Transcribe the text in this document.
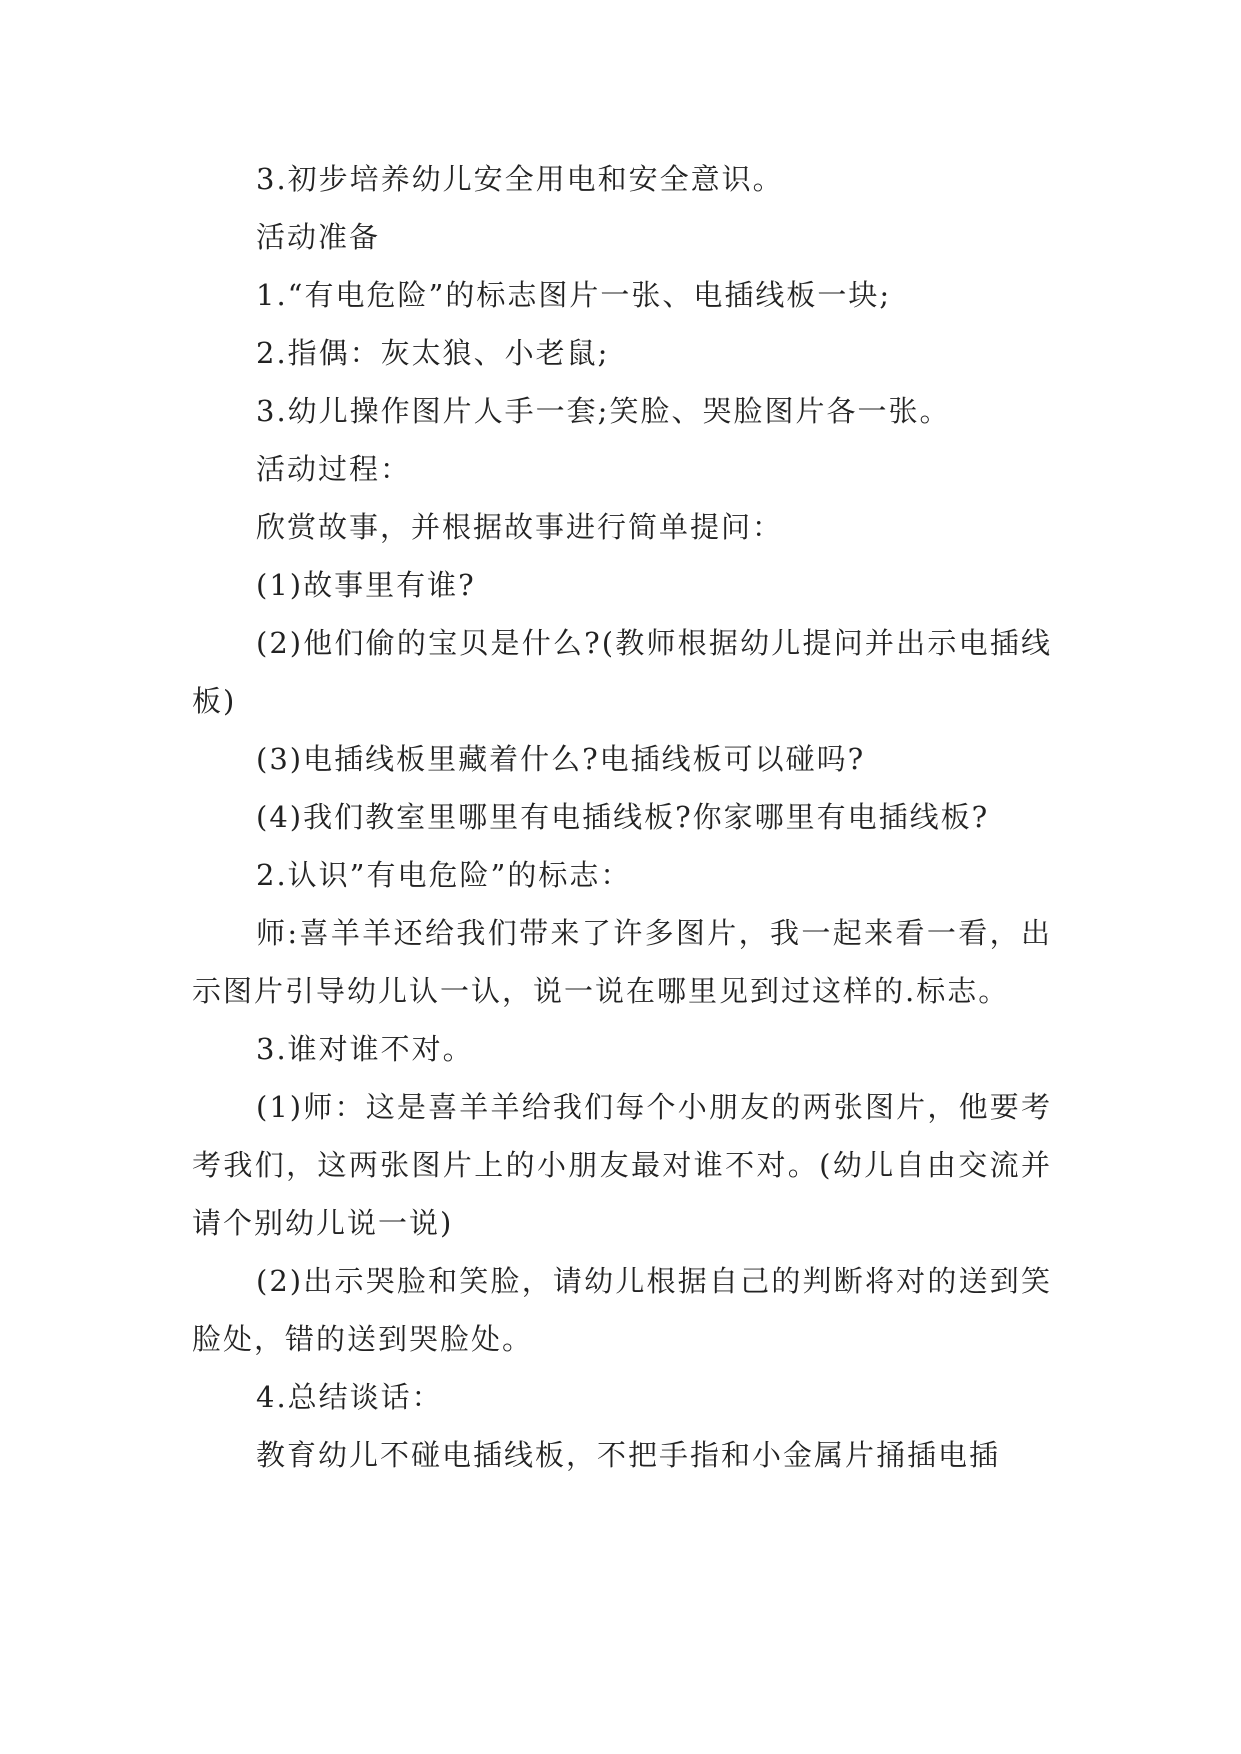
3.初步培养幼儿安全用电和安全意识。

活动准备

1.“有电危险”的标志图片一张、电插线板一块;

2.指偶：灰太狼、小老鼠;

3.幼儿操作图片人手一套;笑脸、哭脸图片各一张。

活动过程：

欣赏故事，并根据故事进行简单提问：

(1)故事里有谁?

(2)他们偷的宝贝是什么?(教师根据幼儿提问并出示电插线板)

(3)电插线板里藏着什么?电插线板可以碰吗?

(4)我们教室里哪里有电插线板?你家哪里有电插线板?

2.认识”有电危险”的标志：

师:喜羊羊还给我们带来了许多图片，我一起来看一看，出示图片引导幼儿认一认，说一说在哪里见到过这样的.标志。

3.谁对谁不对。

(1)师：这是喜羊羊给我们每个小朋友的两张图片，他要考考我们，这两张图片上的小朋友最对谁不对。(幼儿自由交流并请个别幼儿说一说)

(2)出示哭脸和笑脸，请幼儿根据自己的判断将对的送到笑脸处，错的送到哭脸处。

4.总结谈话：

教育幼儿不碰电插线板，不把手指和小金属片捅插电插
